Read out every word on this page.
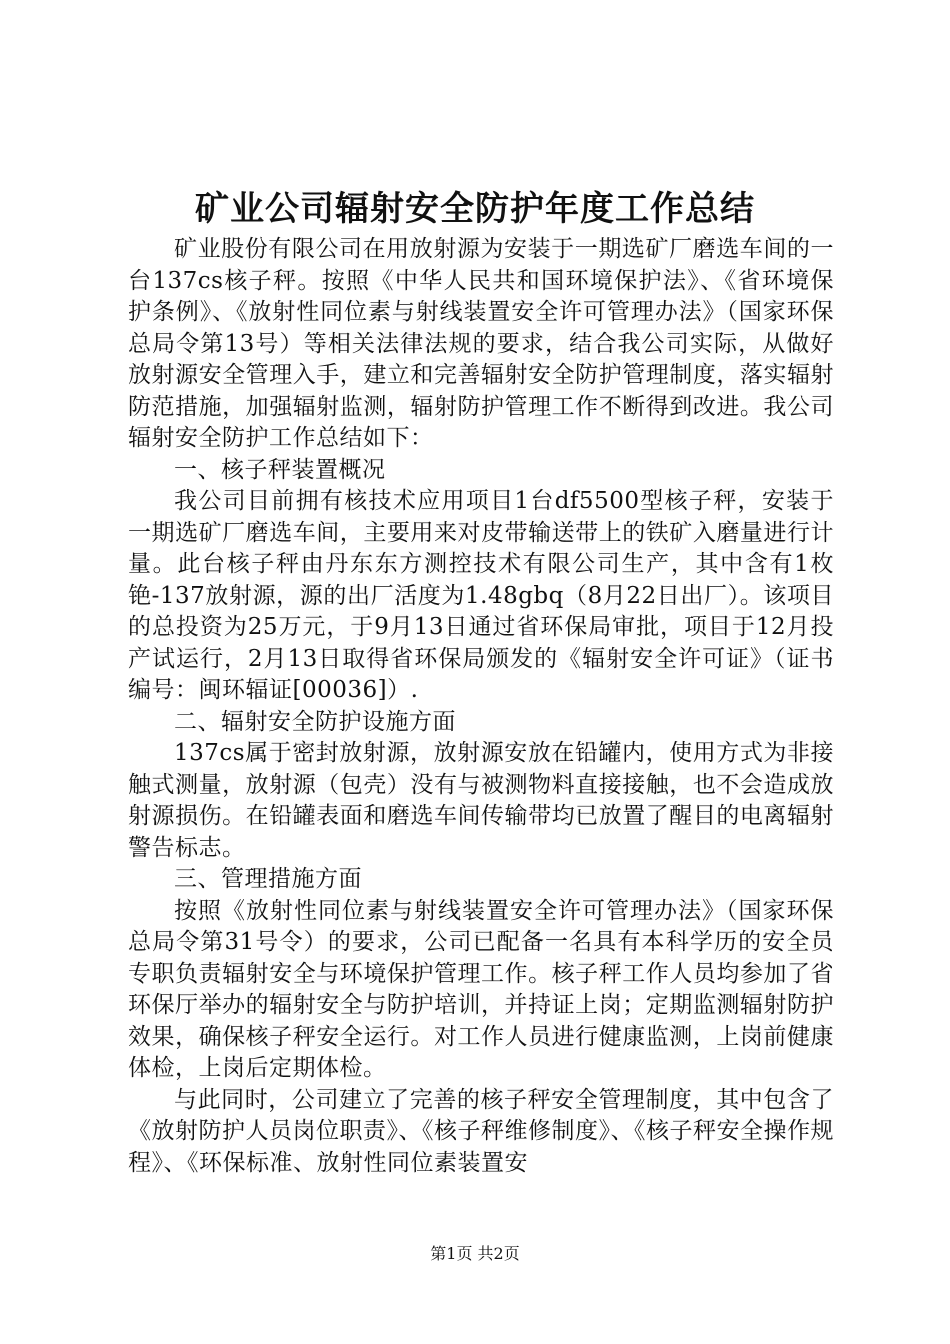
矿业公司辐射安全防护年度工作总结

矿业股份有限公司在用放射源为安装于一期选矿厂磨选车间的一台137cs核子秤。按照《中华人民共和国环境保护法》、《省环境保护条例》、《放射性同位素与射线装置安全许可管理办法》（国家环保总局令第13号）等相关法律法规的要求，结合我公司实际，从做好放射源安全管理入手，建立和完善辐射安全防护管理制度，落实辐射防范措施，加强辐射监测，辐射防护管理工作不断得到改进。我公司辐射安全防护工作总结如下：

一、核子秤装置概况

我公司目前拥有核技术应用项目1台df5500型核子秤，安装于一期选矿厂磨选车间，主要用来对皮带输送带上的铁矿入磨量进行计量。此台核子秤由丹东东方测控技术有限公司生产，其中含有1枚铯-137放射源，源的出厂活度为1.48gbq（8月22日出厂）。该项目的总投资为25万元，于9月13日通过省环保局审批，项目于12月投产试运行，2月13日取得省环保局颁发的《辐射安全许可证》（证书编号：闽环辐证[00036]）.

二、辐射安全防护设施方面

137cs属于密封放射源，放射源安放在铅罐内，使用方式为非接触式测量，放射源（包壳）没有与被测物料直接接触，也不会造成放射源损伤。在铅罐表面和磨选车间传输带均已放置了醒目的电离辐射警告标志。

三、管理措施方面

按照《放射性同位素与射线装置安全许可管理办法》（国家环保总局令第31号令）的要求，公司已配备一名具有本科学历的安全员专职负责辐射安全与环境保护管理工作。核子秤工作人员均参加了省环保厅举办的辐射安全与防护培训，并持证上岗；定期监测辐射防护效果，确保核子秤安全运行。对工作人员进行健康监测，上岗前健康体检，上岗后定期体检。

与此同时，公司建立了完善的核子秤安全管理制度，其中包含了《放射防护人员岗位职责》、《核子秤维修制度》、《核子秤安全操作规程》、《环保标准、放射性同位素装置安

第1页 共2页
